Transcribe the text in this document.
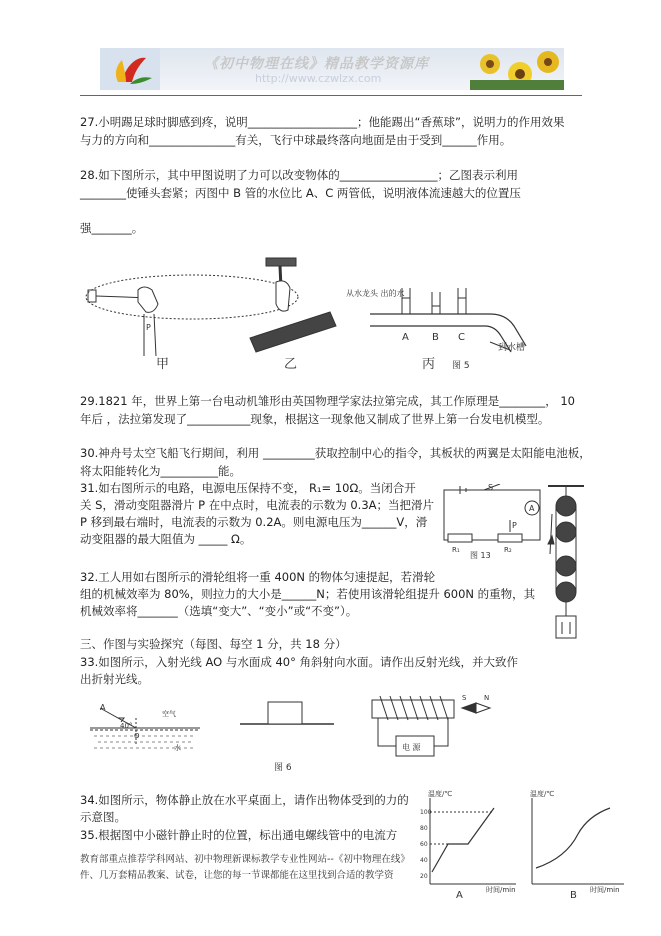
《初中物理在线》精品教学资源库
http://www.czwlzx.com
27.小明踢足球时脚感到疼，说明___________________；他能踢出“香蕉球”，说明力的作用效果
与力的方向和_______________有关，飞行中球最终落向地面是由于受到______作用。
28.如下图所示，其中甲图说明了力可以改变物体的_________________；乙图表示利用
________使锤头套紧；丙图中 B 管的水位比 A、C 两管低，说明液体流速越大的位置压
强_______。
P
甲	乙
从水龙头 出的水
A B C
到水槽
丙 图 5
29.1821 年，世界上第一台电动机雏形由英国物理学家法拉第完成，其工作原理是________， 10
年后 ，法拉第发现了___________现象，根据这一现象他又制成了世界上第一台发电机模型。
30.神舟号太空飞船飞行期间，利用 _________获取控制中心的指令，其板状的两翼是太阳能电池板，
将太阳能转化为__________能。
31.如右图所示的电路，电源电压保持不变， R₁= 10Ω。当闭合开
关 S，滑动变阻器滑片 P 在中点时，电流表的示数为 0.3A；当把滑片
P 移到最右端时，电流表的示数为 0.2A。则电源电压为______V，滑
动变阻器的最大阻值为 _____ Ω。
S
A
P
R₁	R₂
图 13
32.工人用如右图所示的滑轮组将一重 400N 的物体匀速提起，若滑轮
组的机械效率为 80%，则拉力的大小是______N；若使用该滑轮组提升 600N 的重物，其
机械效率将_______（选填“变大”、“变小”或“不变”）。
三、作图与实验探究（每图、每空 1 分，共 18 分）
33.如图所示，入射光线 AO 与水面成 40° 角斜射向水面。请作出反射光线，并大致作
出折射光线。
A
空气
40°
O
水
图 6
电 源
S	N
34.如图所示，物体静止放在水平桌面上，请作出物体受到的力的
示意图。
35.根据图中小磁针静止时的位置，标出通电螺线管中的电流方
温度/℃
100
80
60
40
20
时间/min
A
温度/℃
时间/min
B
教育部重点推荐学科网站、初中物理新课标教学专业性网站--《初中物理在线》
件、几万套精品教案、试卷，让您的每一节课都能在这里找到合适的教学资
